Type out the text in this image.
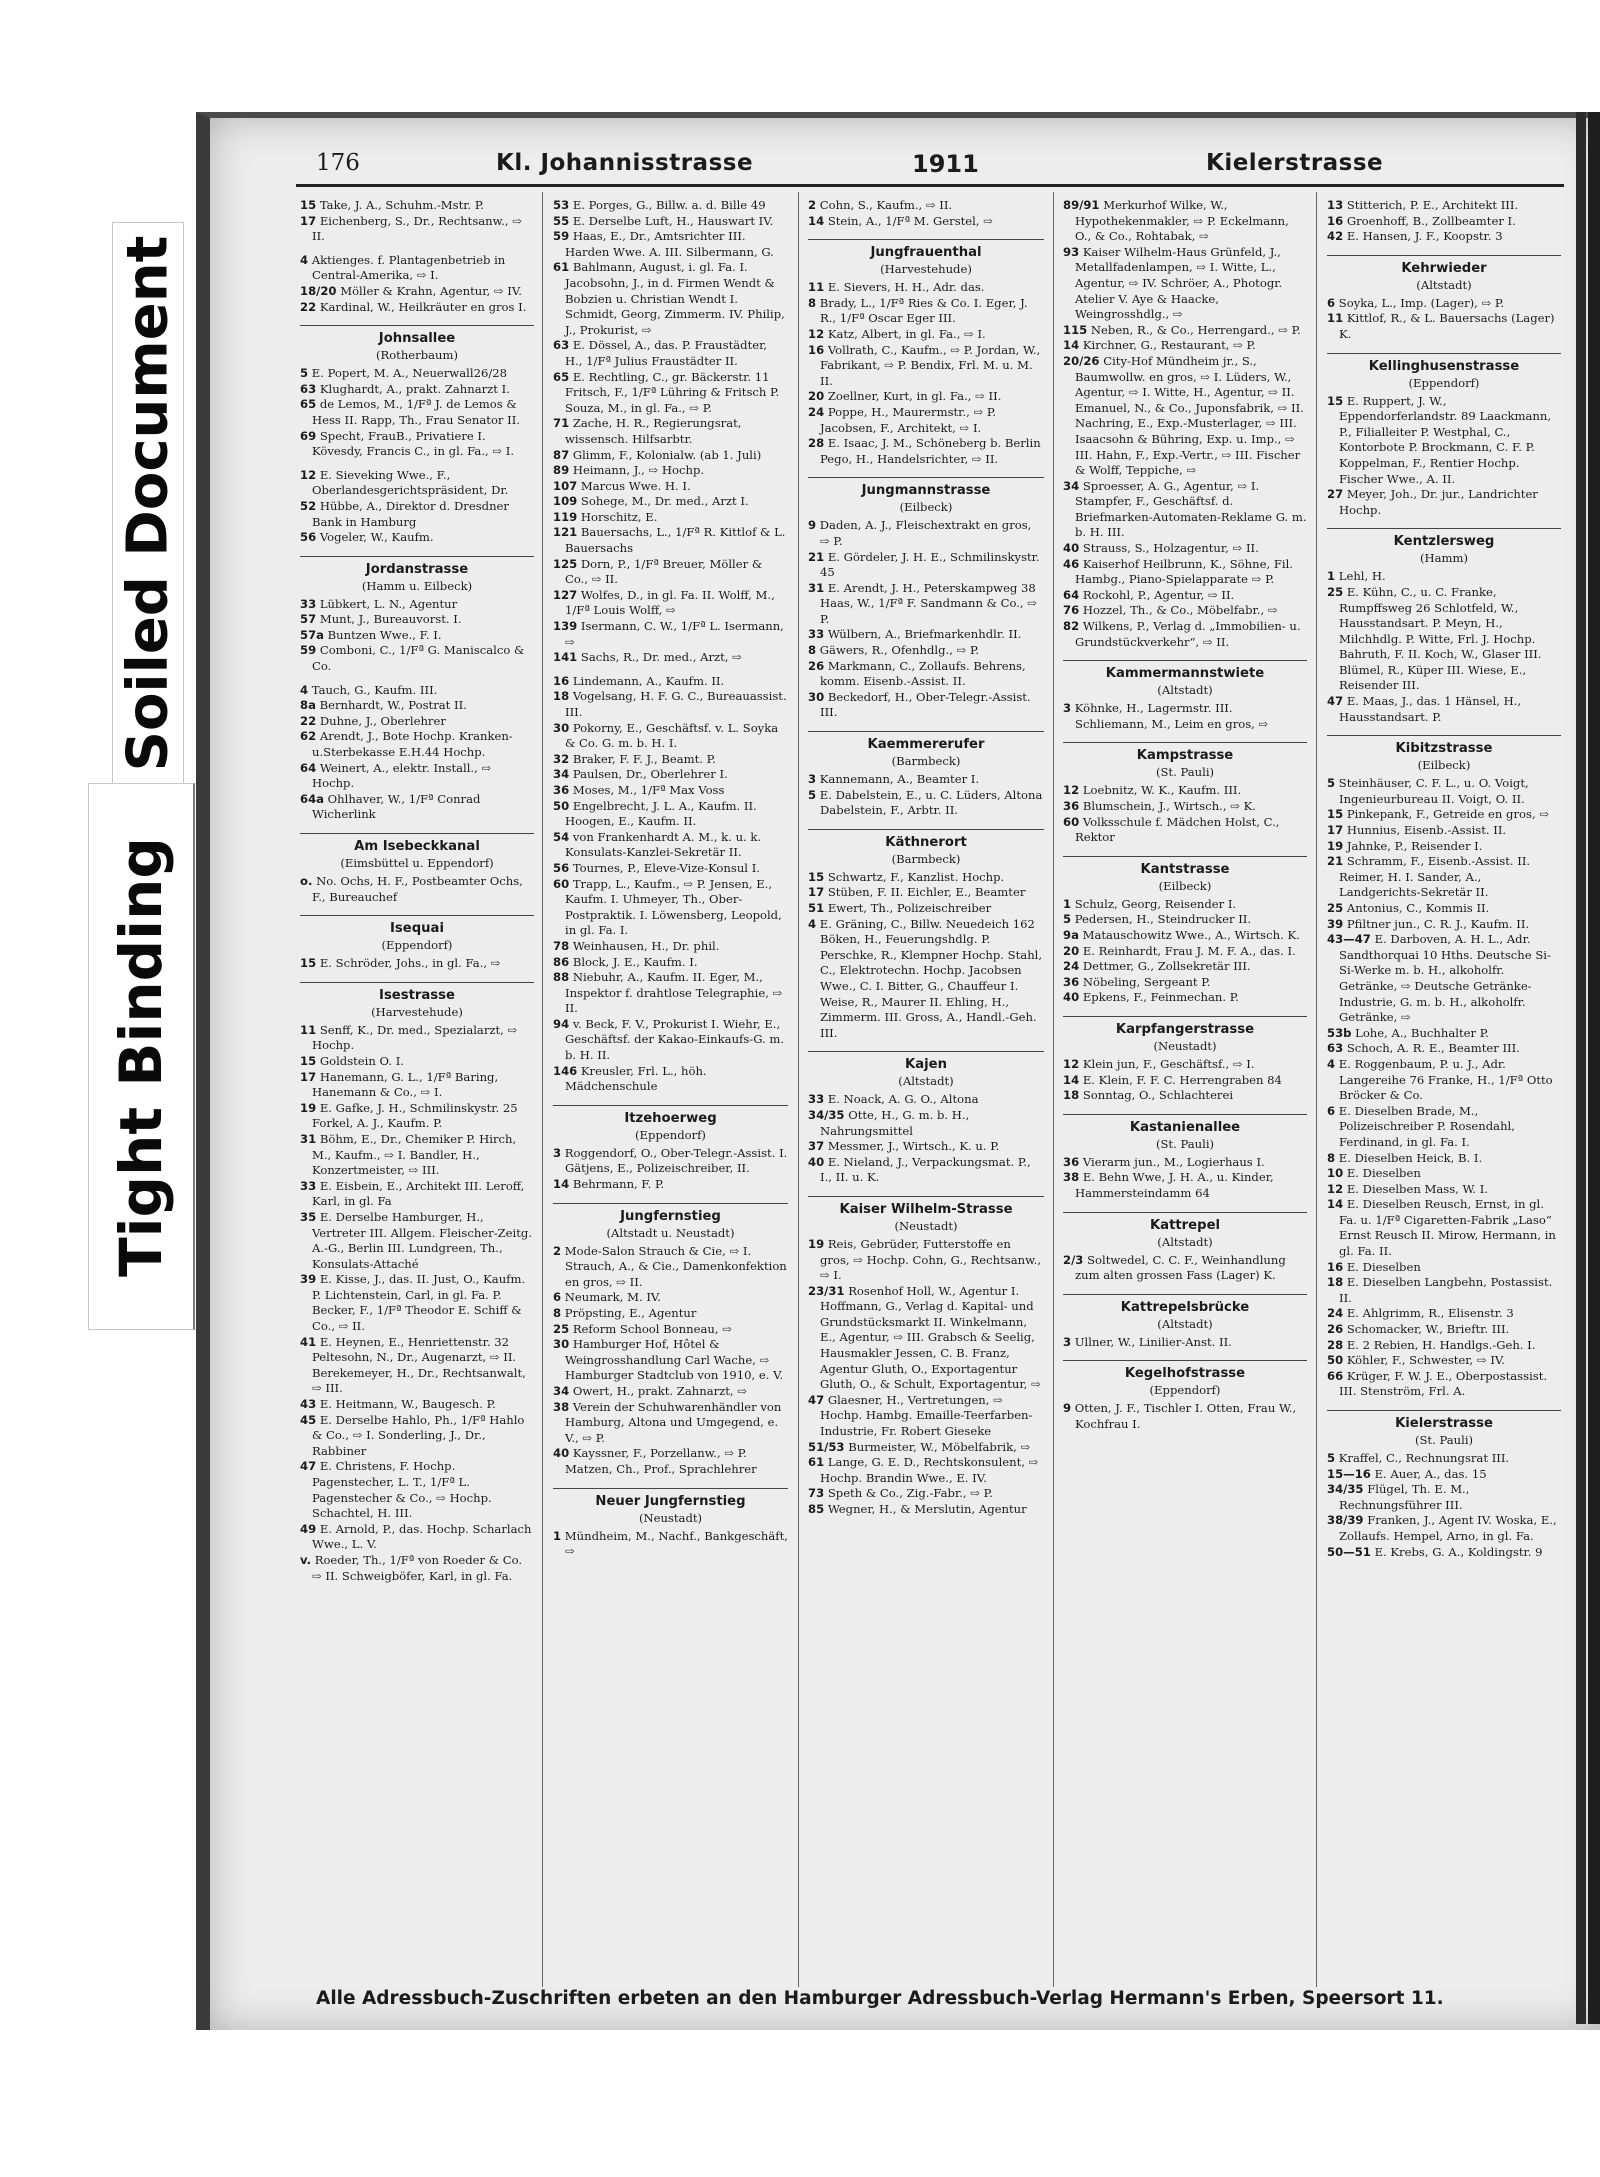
Soiled Document
Tight Binding
176	Kl. Johannisstrasse	1911	Kielerstrasse

15 Take, J. A., Schuhm.-Mstr. P.

17 Eichenberg, S., Dr., Rechtsanw., ⇨ II.

4 Aktienges. f. Plantagenbetrieb in Central-Amerika, ⇨ I.

18/20 Möller & Krahn, Agentur, ⇨ IV.

22 Kardinal, W., Heilkräuter en gros I.

Johnsallee
(Rotherbaum)

5 E. Popert, M. A., Neuerwall26/28

63 Klughardt, A., prakt. Zahnarzt I.

65 de Lemos, M., 1/Fª J. de Lemos & Hess II. Rapp, Th., Frau Senator II.

69 Specht, FrauB., Privatiere I. Kövesdy, Francis C., in gl. Fa., ⇨ I.

12 E. Sieveking Wwe., F., Oberlandesgerichtspräsident, Dr.

52 Hübbe, A., Direktor d. Dresdner Bank in Hamburg

56 Vogeler, W., Kaufm.

Jordanstrasse
(Hamm u. Eilbeck)

33 Lübkert, L. N., Agentur

57 Munt, J., Bureauvorst. I.

57a Buntzen Wwe., F. I.

59 Comboni, C., 1/Fª G. Maniscalco & Co.

4 Tauch, G., Kaufm. III.

8a Bernhardt, W., Postrat II.

22 Duhne, J., Oberlehrer

62 Arendt, J., Bote Hochp. Kranken-u.Sterbekasse E.H.44 Hochp.

64 Weinert, A., elektr. Install., ⇨ Hochp.

64a Ohlhaver, W., 1/Fª Conrad Wicherlink

Am Isebeckkanal
(Eimsbüttel u. Eppendorf)

o. No. Ochs, H. F., Postbeamter Ochs, F., Bureauchef

Isequai
(Eppendorf)

15 E. Schröder, Johs., in gl. Fa., ⇨

Isestrasse
(Harvestehude)

11 Senff, K., Dr. med., Spezialarzt, ⇨ Hochp.

15 Goldstein O. I.

17 Hanemann, G. L., 1/Fª Baring, Hanemann & Co., ⇨ I.

19 E. Gafke, J. H., Schmilinskystr. 25 Forkel, A. J., Kaufm. P.

31 Böhm, E., Dr., Chemiker P. Hirch, M., Kaufm., ⇨ I. Bandler, H., Konzertmeister, ⇨ III.

33 E. Eisbein, E., Architekt III. Leroff, Karl, in gl. Fa

35 E. Derselbe Hamburger, H., Vertreter III. Allgem. Fleischer-Zeitg. A.-G., Berlin III. Lundgreen, Th., Konsulats-Attaché

39 E. Kisse, J., das. II. Just, O., Kaufm. P. Lichtenstein, Carl, in gl. Fa. P. Becker, F., 1/Fª Theodor E. Schiff & Co., ⇨ II.

41 E. Heynen, E., Henriettenstr. 32 Peltesohn, N., Dr., Augenarzt, ⇨ II. Berekemeyer, H., Dr., Rechtsanwalt, ⇨ III.

43 E. Heitmann, W., Baugesch. P.

45 E. Derselbe Hahlo, Ph., 1/Fª Hahlo & Co., ⇨ I. Sonderling, J., Dr., Rabbiner

47 E. Christens, F. Hochp. Pagenstecher, L. T., 1/Fª L. Pagenstecher & Co., ⇨ Hochp. Schachtel, H. III.

49 E. Arnold, P., das. Hochp. Scharlach Wwe., L. V.

v. Roeder, Th., 1/Fª von Roeder & Co. ⇨ II. Schweigböfer, Karl, in gl. Fa.

53 E. Porges, G., Billw. a. d. Bille 49

55 E. Derselbe Luft, H., Hauswart IV.

59 Haas, E., Dr., Amtsrichter III. Harden Wwe. A. III. Silbermann, G.

61 Bahlmann, August, i. gl. Fa. I. Jacobsohn, J., in d. Firmen Wendt & Bobzien u. Christian Wendt I. Schmidt, Georg, Zimmerm. IV. Philip, J., Prokurist, ⇨

63 E. Dössel, A., das. P. Fraustädter, H., 1/Fª Julius Fraustädter II.

65 E. Rechtling, C., gr. Bäckerstr. 11 Fritsch, F., 1/Fª Lühring & Fritsch P. Souza, M., in gl. Fa., ⇨ P.

71 Zache, H. R., Regierungsrat, wissensch. Hilfsarbtr.

87 Glimm, F., Kolonialw. (ab 1. Juli)

89 Heimann, J., ⇨ Hochp.

107 Marcus Wwe. H. I.

109 Sohege, M., Dr. med., Arzt I.

119 Horschitz, E.

121 Bauersachs, L., 1/Fª R. Kittlof & L. Bauersachs

125 Dorn, P., 1/Fª Breuer, Möller & Co., ⇨ II.

127 Wolfes, D., in gl. Fa. II. Wolff, M., 1/Fª Louis Wolff, ⇨

139 Isermann, C. W., 1/Fª L. Isermann, ⇨

141 Sachs, R., Dr. med., Arzt, ⇨

16 Lindemann, A., Kaufm. II.

18 Vogelsang, H. F. G. C., Bureauassist. III.

30 Pokorny, E., Geschäftsf. v. L. Soyka & Co. G. m. b. H. I.

32 Braker, F. F. J., Beamt. P.

34 Paulsen, Dr., Oberlehrer I.

36 Moses, M., 1/Fª Max Voss

50 Engelbrecht, J. L. A., Kaufm. II. Hoogen, E., Kaufm. II.

54 von Frankenhardt A. M., k. u. k. Konsulats-Kanzlei-Sekretär II.

56 Tournes, P., Eleve-Vize-Konsul I.

60 Trapp, L., Kaufm., ⇨ P. Jensen, E., Kaufm. I. Uhmeyer, Th., Ober-Postpraktik. I. Löwensberg, Leopold, in gl. Fa. I.

78 Weinhausen, H., Dr. phil.

86 Block, J. E., Kaufm. I.

88 Niebuhr, A., Kaufm. II. Eger, M., Inspektor f. drahtlose Telegraphie, ⇨ II.

94 v. Beck, F. V., Prokurist I. Wiehr, E., Geschäftsf. der Kakao-Einkaufs-G. m. b. H. II.

146 Kreusler, Frl. L., höh. Mädchenschule

Itzehoerweg
(Eppendorf)

3 Roggendorf, O., Ober-Telegr.-Assist. I. Gätjens, E., Polizeischreiber, II.

14 Behrmann, F. P.

Jungfernstieg
(Altstadt u. Neustadt)

2 Mode-Salon Strauch & Cie, ⇨ I. Strauch, A., & Cie., Damenkonfektion en gros, ⇨ II.

6 Neumark, M. IV.

8 Pröpsting, E., Agentur

25 Reform School Bonneau, ⇨

30 Hamburger Hof, Hôtel & Weingrosshandlung Carl Wache, ⇨ Hamburger Stadtclub von 1910, e. V.

34 Owert, H., prakt. Zahnarzt, ⇨

38 Verein der Schuhwarenhändler von Hamburg, Altona und Umgegend, e. V., ⇨ P.

40 Kayssner, F., Porzellanw., ⇨ P. Matzen, Ch., Prof., Sprachlehrer

Neuer Jungfernstieg
(Neustadt)

1 Mündheim, M., Nachf., Bankgeschäft, ⇨

2 Cohn, S., Kaufm., ⇨ II.

14 Stein, A., 1/Fª M. Gerstel, ⇨

Jungfrauenthal
(Harvestehude)

11 E. Sievers, H. H., Adr. das.

8 Brady, L., 1/Fª Ries & Co. I. Eger, J. R., 1/Fª Oscar Eger III.

12 Katz, Albert, in gl. Fa., ⇨ I.

16 Vollrath, C., Kaufm., ⇨ P. Jordan, W., Fabrikant, ⇨ P. Bendix, Frl. M. u. M. II.

20 Zoellner, Kurt, in gl. Fa., ⇨ II.

24 Poppe, H., Maurermstr., ⇨ P. Jacobsen, F., Architekt, ⇨ I.

28 E. Isaac, J. M., Schöneberg b. Berlin Pego, H., Handelsrichter, ⇨ II.

Jungmannstrasse
(Eilbeck)

9 Daden, A. J., Fleischextrakt en gros, ⇨ P.

21 E. Gördeler, J. H. E., Schmilinskystr. 45

31 E. Arendt, J. H., Peterskampweg 38 Haas, W., 1/Fª F. Sandmann & Co., ⇨ P.

33 Wülbern, A., Briefmarkenhdlr. II.

8 Gäwers, R., Ofenhdlg., ⇨ P.

26 Markmann, C., Zollaufs. Behrens, komm. Eisenb.-Assist. II.

30 Beckedorf, H., Ober-Telegr.-Assist. III.

Kaemmererufer
(Barmbeck)

3 Kannemann, A., Beamter I.

5 E. Dabelstein, E., u. C. Lüders, Altona Dabelstein, F., Arbtr. II.

Käthnerort
(Barmbeck)

15 Schwartz, F., Kanzlist. Hochp.

17 Stüben, F. II. Eichler, E., Beamter

51 Ewert, Th., Polizeischreiber

4 E. Gräning, C., Billw. Neuedeich 162 Böken, H., Feuerungshdlg. P. Perschke, R., Klempner Hochp. Stahl, C., Elektrotechn. Hochp. Jacobsen Wwe., C. I. Bitter, G., Chauffeur I. Weise, R., Maurer II. Ehling, H., Zimmerm. III. Gross, A., Handl.-Geh. III.

Kajen
(Altstadt)

33 E. Noack, A. G. O., Altona

34/35 Otte, H., G. m. b. H., Nahrungsmittel

37 Messmer, J., Wirtsch., K. u. P.

40 E. Nieland, J., Verpackungsmat. P., I., II. u. K.

Kaiser Wilhelm-Strasse
(Neustadt)

19 Reis, Gebrüder, Futterstoffe en gros, ⇨ Hochp. Cohn, G., Rechtsanw., ⇨ I.

23/31 Rosenhof Holl, W., Agentur I. Hoffmann, G., Verlag d. Kapital- und Grundstücksmarkt II. Winkelmann, E., Agentur, ⇨ III. Grabsch & Seelig, Hausmakler Jessen, C. B. Franz, Agentur Gluth, O., Exportagentur Gluth, O., & Schult, Exportagentur, ⇨

47 Glaesner, H., Vertretungen, ⇨ Hochp. Hambg. Emaille-Teerfarben-Industrie, Fr. Robert Gieseke

51/53 Burmeister, W., Möbelfabrik, ⇨

61 Lange, G. E. D., Rechtskonsulent, ⇨ Hochp. Brandin Wwe., E. IV.

73 Speth & Co., Zig.-Fabr., ⇨ P.

85 Wegner, H., & Merslutin, Agentur

89/91 Merkurhof Wilke, W., Hypothekenmakler, ⇨ P. Eckelmann, O., & Co., Rohtabak, ⇨

93 Kaiser Wilhelm-Haus Grünfeld, J., Metallfadenlampen, ⇨ I. Witte, L., Agentur, ⇨ IV. Schröer, A., Photogr. Atelier V. Aye & Haacke, Weingrosshdlg., ⇨

115 Neben, R., & Co., Herrengard., ⇨ P.

14 Kirchner, G., Restaurant, ⇨ P.

20/26 City-Hof Mündheim jr., S., Baumwollw. en gros, ⇨ I. Lüders, W., Agentur, ⇨ I. Witte, H., Agentur, ⇨ II. Emanuel, N., & Co., Juponsfabrik, ⇨ II. Nachring, E., Exp.-Musterlager, ⇨ III. Isaacsohn & Bühring, Exp. u. Imp., ⇨ III. Hahn, F., Exp.-Vertr., ⇨ III. Fischer & Wolff, Teppiche, ⇨

34 Sproesser, A. G., Agentur, ⇨ I. Stampfer, F., Geschäftsf. d. Briefmarken-Automaten-Reklame G. m. b. H. III.

40 Strauss, S., Holzagentur, ⇨ II.

46 Kaiserhof Heilbrunn, K., Söhne, Fil. Hambg., Piano-Spielapparate ⇨ P.

64 Rockohl, P., Agentur, ⇨ II.

76 Hozzel, Th., & Co., Möbelfabr., ⇨

82 Wilkens, P., Verlag d. „Immobilien- u. Grundstückverkehr“, ⇨ II.

Kammermannstwiete
(Altstadt)

3 Köhnke, H., Lagermstr. III. Schliemann, M., Leim en gros, ⇨

Kampstrasse
(St. Pauli)

12 Loebnitz, W. K., Kaufm. III.

36 Blumschein, J., Wirtsch., ⇨ K.

60 Volksschule f. Mädchen Holst, C., Rektor

Kantstrasse
(Eilbeck)

1 Schulz, Georg, Reisender I.

5 Pedersen, H., Steindrucker II.

9a Matauschowitz Wwe., A., Wirtsch. K.

20 E. Reinhardt, Frau J. M. F. A., das. I.

24 Dettmer, G., Zollsekretär III.

36 Nöbeling, Sergeant P.

40 Epkens, F., Feinmechan. P.

Karpfangerstrasse
(Neustadt)

12 Klein jun, F., Geschäftsf., ⇨ I.

14 E. Klein, F. F. C. Herrengraben 84

18 Sonntag, O., Schlachterei

Kastanienallee
(St. Pauli)

36 Vierarm jun., M., Logierhaus I.

38 E. Behn Wwe, J. H. A., u. Kinder, Hammersteindamm 64

Kattrepel
(Altstadt)

2/3 Soltwedel, C. C. F., Weinhandlung zum alten grossen Fass (Lager) K.

Kattrepelsbrücke
(Altstadt)

3 Ullner, W., Linilier-Anst. II.

Kegelhofstrasse
(Eppendorf)

9 Otten, J. F., Tischler I. Otten, Frau W., Kochfrau I.

13 Stitterich, P. E., Architekt III.

16 Groenhoff, B., Zollbeamter I.

42 E. Hansen, J. F., Koopstr. 3

Kehrwieder
(Altstadt)

6 Soyka, L., Imp. (Lager), ⇨ P.

11 Kittlof, R., & L. Bauersachs (Lager) K.

Kellinghusenstrasse
(Eppendorf)

15 E. Ruppert, J. W., Eppendorferlandstr. 89 Laackmann, P., Filialleiter P. Westphal, C., Kontorbote P. Brockmann, C. F. P. Koppelman, F., Rentier Hochp. Fischer Wwe., A. II.

27 Meyer, Joh., Dr. jur., Landrichter Hochp.

Kentzlersweg
(Hamm)

1 Lehl, H.

25 E. Kühn, C., u. C. Franke, Rumpffsweg 26 Schlotfeld, W., Hausstandsart. P. Meyn, H., Milchhdlg. P. Witte, Frl. J. Hochp. Bahruth, F. II. Koch, W., Glaser III. Blümel, R., Küper III. Wiese, E., Reisender III.

47 E. Maas, J., das. 1 Hänsel, H., Hausstandsart. P.

Kibitzstrasse
(Eilbeck)

5 Steinhäuser, C. F. L., u. O. Voigt, Ingenieurbureau II. Voigt, O. II.

15 Pinkepank, F., Getreide en gros, ⇨

17 Hunnius, Eisenb.-Assist. II.

19 Jahnke, P., Reisender I.

21 Schramm, F., Eisenb.-Assist. II. Reimer, H. I. Sander, A., Landgerichts-Sekretär II.

25 Antonius, C., Kommis II.

39 Pfiltner jun., C. R. J., Kaufm. II.

43—47 E. Darboven, A. H. L., Adr. Sandthorquai 10 Hths. Deutsche Si-Si-Werke m. b. H., alkoholfr. Getränke, ⇨ Deutsche Getränke-Industrie, G. m. b. H., alkoholfr. Getränke, ⇨

53b Lohe, A., Buchhalter P.

63 Schoch, A. R. E., Beamter III.

4 E. Roggenbaum, P. u. J., Adr. Langereihe 76 Franke, H., 1/Fª Otto Bröcker & Co.

6 E. Dieselben Brade, M., Polizeischreiber P. Rosendahl, Ferdinand, in gl. Fa. I.

8 E. Dieselben Heick, B. I.

10 E. Dieselben

12 E. Dieselben Mass, W. I.

14 E. Dieselben Reusch, Ernst, in gl. Fa. u. 1/Fª Cigaretten-Fabrik „Laso“ Ernst Reusch II. Mirow, Hermann, in gl. Fa. II.

16 E. Dieselben

18 E. Dieselben Langbehn, Postassist. II.

24 E. Ahlgrimm, R., Elisenstr. 3

26 Schomacker, W., Brieftr. III.

28 E. 2 Rebien, H. Handlgs.-Geh. I.

50 Köhler, F., Schwester, ⇨ IV.

66 Krüger, F. W. J. E., Oberpostassist. III. Stenström, Frl. A.

Kielerstrasse
(St. Pauli)

5 Kraffel, C., Rechnungsrat III.

15—16 E. Auer, A., das. 15

34/35 Flügel, Th. E. M., Rechnungsführer III.

38/39 Franken, J., Agent IV. Woska, E., Zollaufs. Hempel, Arno, in gl. Fa.

50—51 E. Krebs, G. A., Koldingstr. 9

Alle Adressbuch-Zuschriften erbeten an den Hamburger Adressbuch-Verlag Hermann's Erben, Speersort 11.
